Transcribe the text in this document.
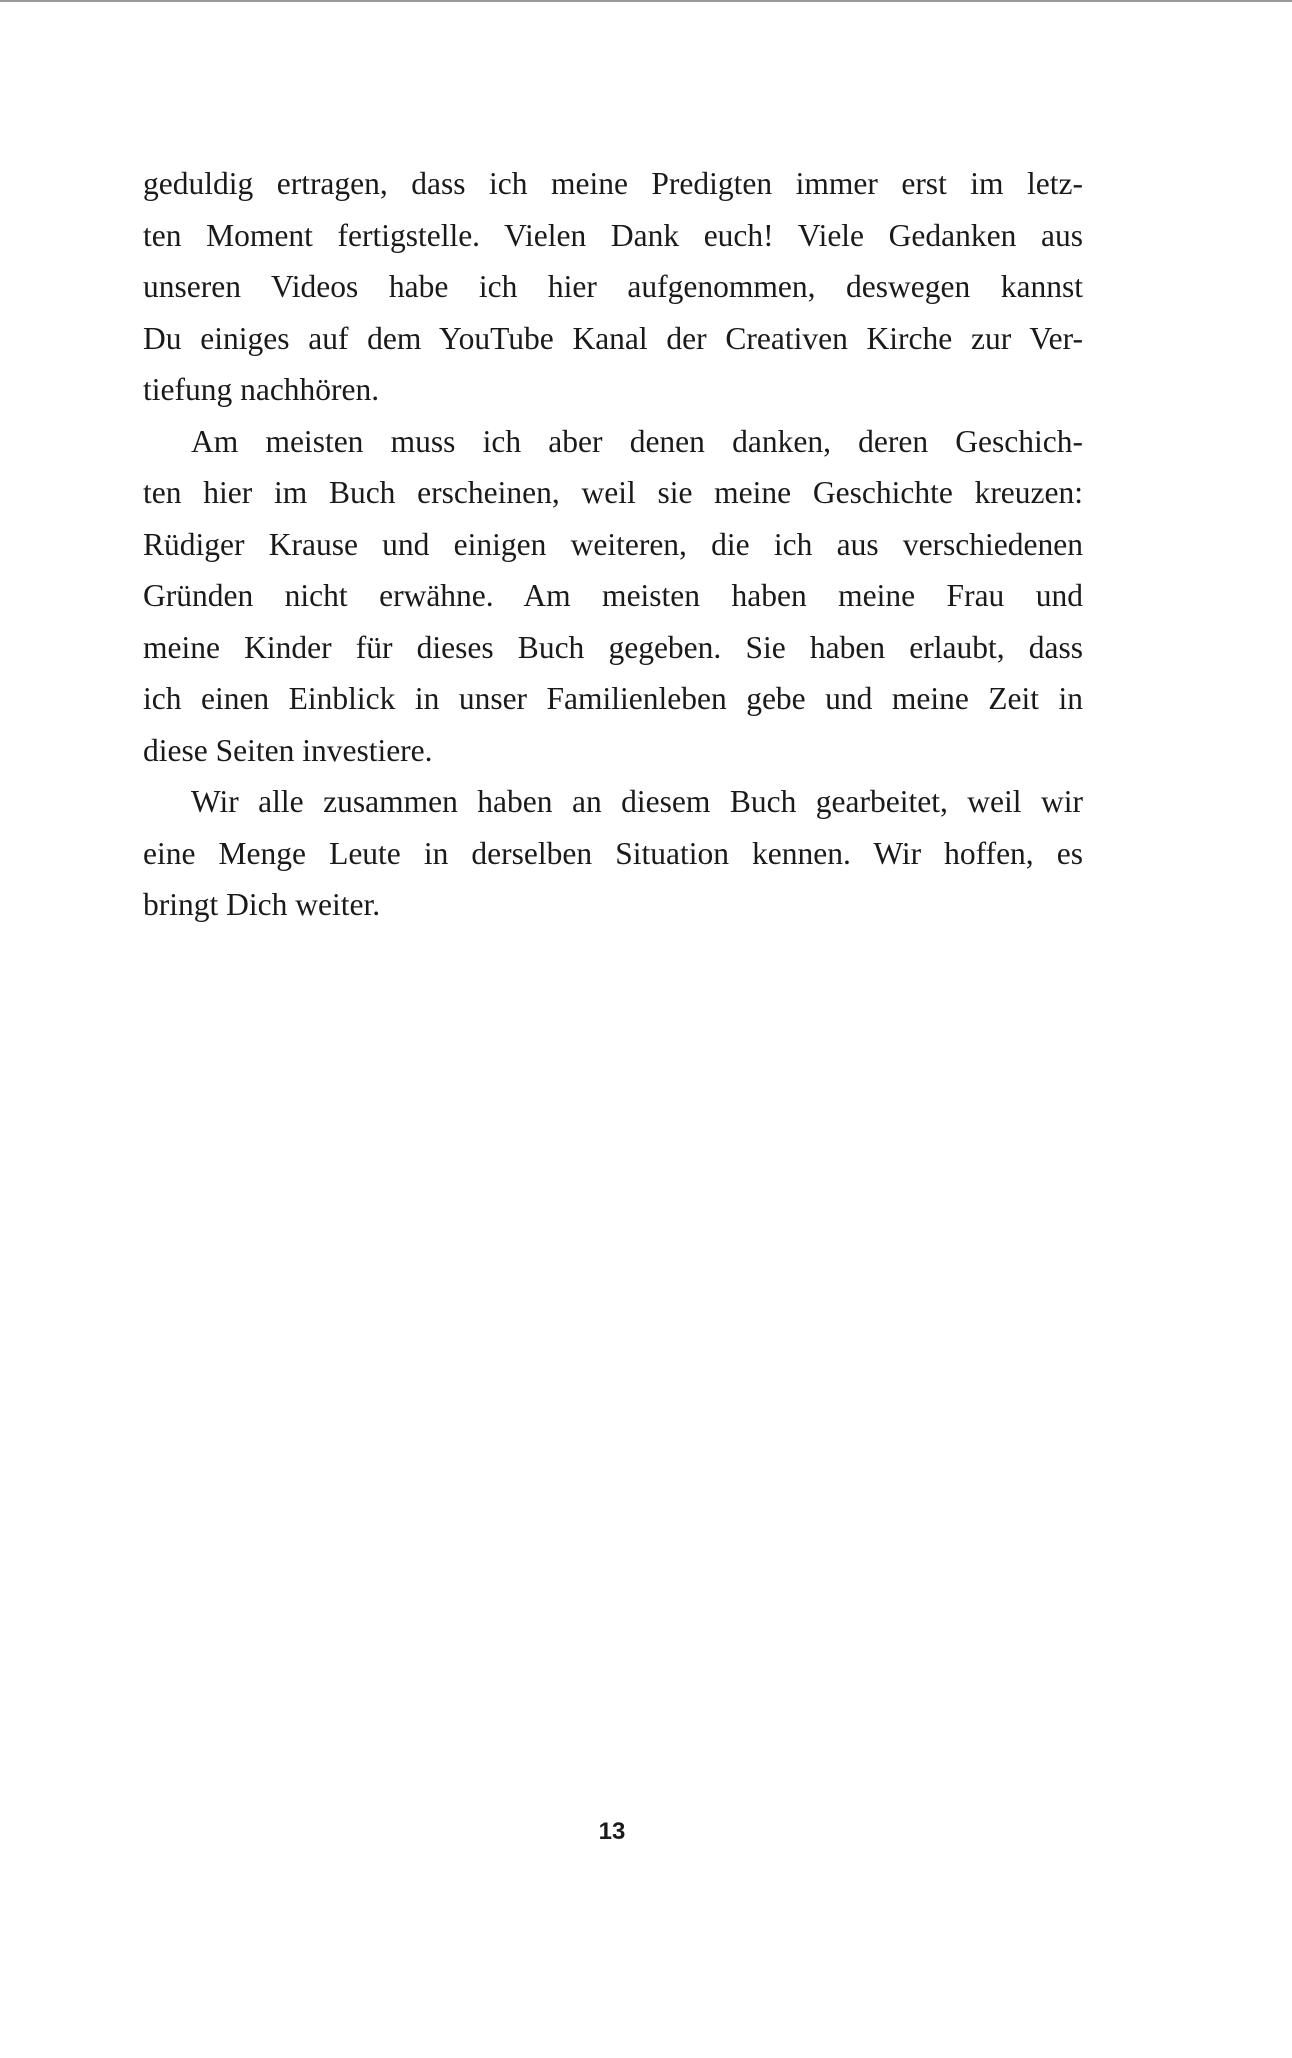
geduldig ertragen, dass ich meine Predigten immer erst im letz-
ten Moment fertigstelle. Vielen Dank euch! Viele Gedanken aus
unseren Videos habe ich hier aufgenommen, deswegen kannst
Du einiges auf dem YouTube Kanal der Creativen Kirche zur Ver-
tiefung nachhören.

Am meisten muss ich aber denen danken, deren Geschich-
ten hier im Buch erscheinen, weil sie meine Geschichte kreuzen:
Rüdiger Krause und einigen weiteren, die ich aus verschiedenen
Gründen nicht erwähne. Am meisten haben meine Frau und
meine Kinder für dieses Buch gegeben. Sie haben erlaubt, dass
ich einen Einblick in unser Familienleben gebe und meine Zeit in
diese Seiten investiere.

Wir alle zusammen haben an diesem Buch gearbeitet, weil wir
eine Menge Leute in derselben Situation kennen. Wir hoffen, es
bringt Dich weiter.

13
